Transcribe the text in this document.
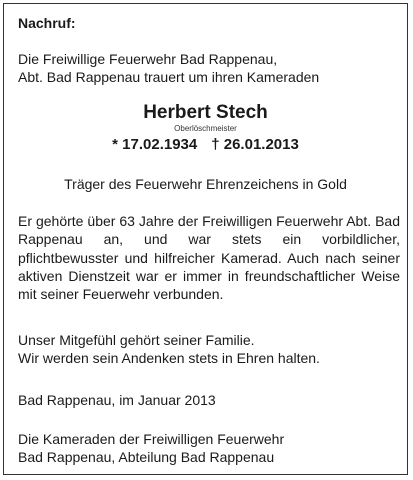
Nachruf:

Die Freiwillige Feuerwehr Bad Rappenau,
Abt. Bad Rappenau trauert um ihren Kameraden

Herbert Stech
Oberlöschmeister
* 17.02.1934 † 26.01.2013

Träger des Feuerwehr Ehrenzeichens in Gold

Er gehörte über 63 Jahre der Freiwilligen Feuerwehr Abt. Bad Rappenau an, und war stets ein vorbildlicher, pflichtbewusster und hilfreicher Kamerad. Auch nach seiner aktiven Dienstzeit war er immer in freundschaftlicher Weise mit seiner Feuerwehr verbunden.

Unser Mitgefühl gehört seiner Familie.
Wir werden sein Andenken stets in Ehren halten.

Bad Rappenau, im Januar 2013

Die Kameraden der Freiwilligen Feuerwehr
Bad Rappenau, Abteilung Bad Rappenau
